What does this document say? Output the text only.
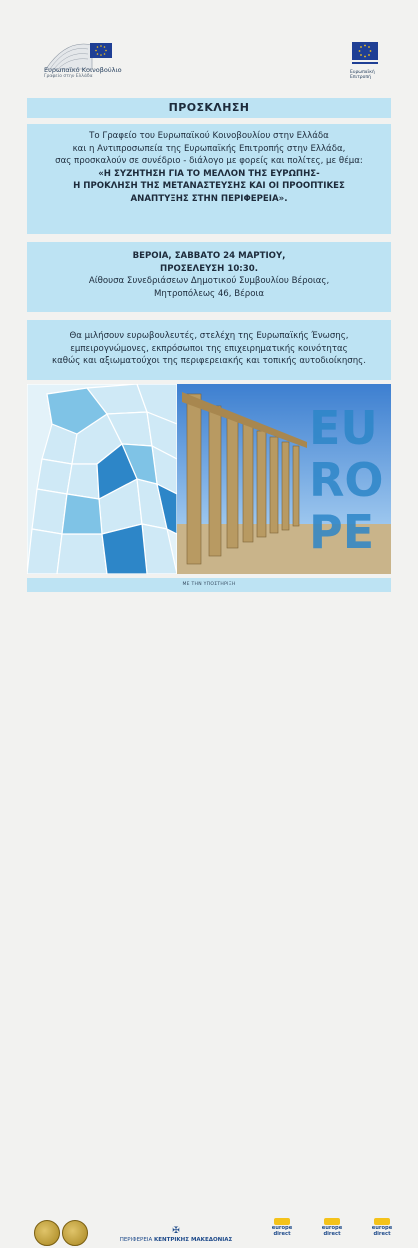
Ευρωπαϊκό Κοινοβούλιο
Γραφείο στην Ελλάδα
Ευρωπαϊκή
Επιτροπή
ΠΡΟΣΚΛΗΣΗ
Το Γραφείο του Ευρωπαϊκού Κοινοβουλίου στην Ελλάδα
και η Αντιπροσωπεία της Ευρωπαϊκής Επιτροπής στην Ελλάδα,
σας προσκαλούν σε συνέδριο - διάλογο με φορείς και πολίτες, με θέμα:
«Η ΣΥΖΗΤΗΣΗ ΓΙΑ ΤΟ ΜΕΛΛΟΝ ΤΗΣ ΕΥΡΩΠΗΣ-
Η ΠΡΟΚΛΗΣΗ ΤΗΣ ΜΕΤΑΝΑΣΤΕΥΣΗΣ ΚΑΙ ΟΙ ΠΡΟΟΠΤΙΚΕΣ
ΑΝΑΠΤΥΞΗΣ ΣΤΗΝ ΠΕΡΙΦΕΡΕΙΑ».
ΒΕΡΟΙΑ, ΣΑΒΒΑΤΟ 24 ΜΑΡΤΙΟΥ,
ΠΡΟΣΕΛΕΥΣΗ 10:30.
Αίθουσα Συνεδριάσεων Δημοτικού Συμβουλίου Βέροιας,
Μητροπόλεως 46, Βέροια
Θα μιλήσουν ευρωβουλευτές, στελέχη της Ευρωπαϊκής Ένωσης,
εμπειρογνώμονες, εκπρόσωποι της επιχειρηματικής κοινότητας
καθώς και αξιωματούχοι της περιφερειακής και τοπικής αυτοδιοίκησης.
EU
RO
PE
ΜΕ ΤΗΝ ΥΠΟΣΤΗΡΙΞΗ
✠
ΠΕΡΙΦΕΡΕΙΑ ΚΕΝΤΡΙΚΗΣ ΜΑΚΕΔΟΝΙΑΣ
europe
direct
europe
direct
europe
direct
